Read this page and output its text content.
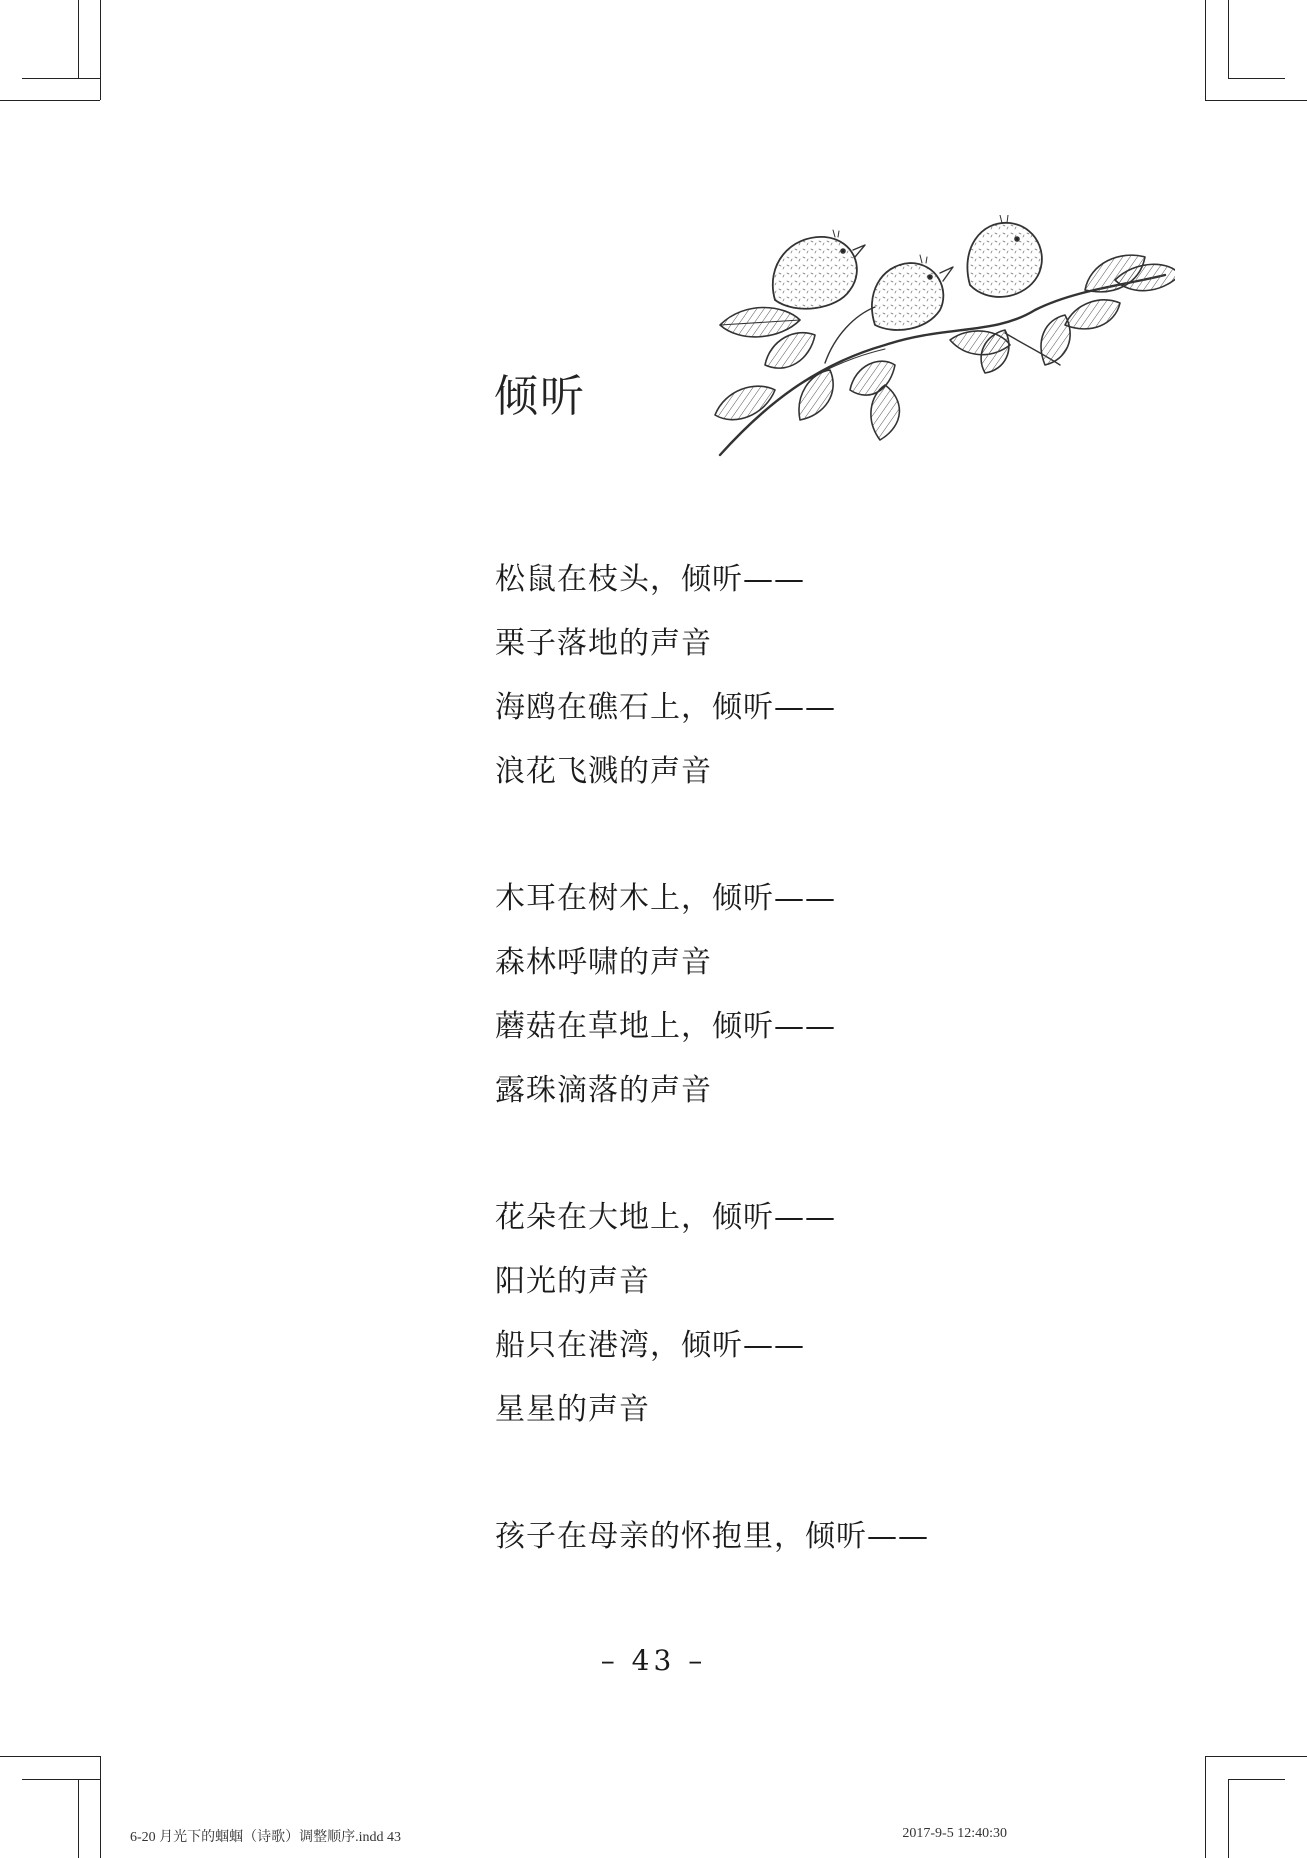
倾听
松鼠在枝头，倾听——
栗子落地的声音
海鸥在礁石上，倾听——
浪花飞溅的声音
木耳在树木上，倾听——
森林呼啸的声音
蘑菇在草地上，倾听——
露珠滴落的声音
花朵在大地上，倾听——
阳光的声音
船只在港湾，倾听——
星星的声音
孩子在母亲的怀抱里，倾听——
– 43 –
6-20 月光下的蝈蝈（诗歌）调整顺序.indd 43	2017-9-5 12:40:30
